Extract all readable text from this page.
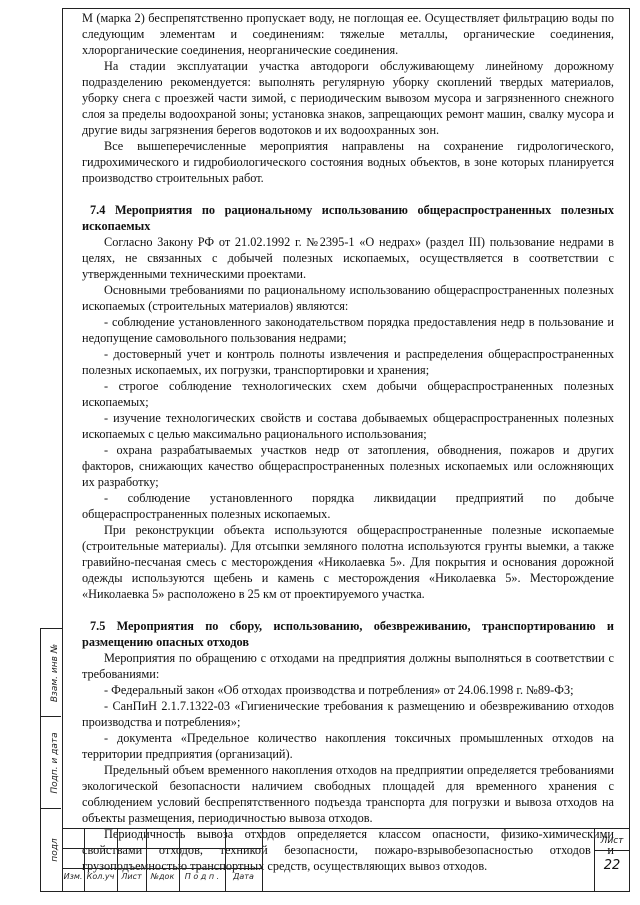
Взам. инв №
Подп. и дата
подл

М (марка 2) беспрепятственно пропускает воду, не поглощая ее. Осуществляет фильтрацию воды по следующим элементам и соединениям: тяжелые металлы, органические соединения, хлорорганические соединения, неорганические соединения.

На стадии эксплуатации участка автодороги обслуживающему линейному дорожному подразделению рекомендуется: выполнять регулярную уборку скоплений твердых материалов, уборку снега с проезжей части зимой, с периодическим вывозом мусора и загрязненного снежного слоя за пределы водоохраной зоны; установка знаков, запрещающих ремонт машин, свалку мусора и другие виды загрязнения берегов водотоков и их водоохранных зон.

Все вышеперечисленные мероприятия направлены на сохранение гидрологического, гидрохимического и гидробиологического состояния водных объектов, в зоне которых планируется производство строительных работ.

7.4 Мероприятия по рациональному использованию общераспространенных полезных ископаемых

Согласно Закону РФ от 21.02.1992 г. №2395-1 «О недрах» (раздел III) пользование недрами в целях, не связанных с добычей полезных ископаемых, осуществляется в соответствии с утвержденными техническими проектами.

Основными требованиями по рациональному использованию общераспространенных полезных ископаемых (строительных материалов) являются:

- соблюдение установленного законодательством порядка предоставления недр в пользование и недопущение самовольного пользования недрами;

- достоверный учет и контроль полноты извлечения и распределения общераспространенных полезных ископаемых, их погрузки, транспортировки и хранения;

- строгое соблюдение технологических схем добычи общераспространенных полезных ископаемых;

- изучение технологических свойств и состава добываемых общераспространенных полезных ископаемых с целью максимально рационального использования;

- охрана разрабатываемых участков недр от затопления, обводнения, пожаров и других факторов, снижающих качество общераспространенных полезных ископаемых или осложняющих их разработку;

- соблюдение установленного порядка ликвидации предприятий по добыче общераспространенных полезных ископаемых.

При реконструкции объекта используются общераспространенные полезные ископаемые (строительные материалы). Для отсыпки земляного полотна используются грунты выемки, а также гравийно-песчаная смесь с месторождения «Николаевка 5». Для покрытия и основания дорожной одежды используются щебень и камень с месторождения «Николаевка 5». Месторождение «Николаевка 5» расположено в 25 км от проектируемого участка.

7.5 Мероприятия по сбору, использованию, обезвреживанию, транспортированию и размещению опасных отходов

Мероприятия по обращению с отходами на предприятия должны выполняться в соответствии с требованиями:

- Федеральный закон «Об отходах производства и потребления» от 24.06.1998 г. №89-ФЗ;

- СанПиН 2.1.7.1322-03 «Гигиенические требования к размещению и обезвреживанию отходов производства и потребления»;

- документа «Предельное количество накопления токсичных промышленных отходов на территории предприятия (организаций).

Предельный объем временного накопления отходов на предприятии определяется требованиями экологической безопасности наличием свободных площадей для временного хранения с соблюдением условий беспрепятственного подъезда транспорта для погрузки и вывоза отходов на объекты размещения, периодичностью вывоза отходов.

Периодичность вывоза отходов определяется классом опасности, физико-химическими свойствами отходов, техникой безопасности, пожаро-взрывобезопасностью отходов и грузоподъемностью транспортных средств, осуществляющих вывоз отходов.

Изм. Кол.уч Лист	№док	П о д п .	Дата
Лист
22
